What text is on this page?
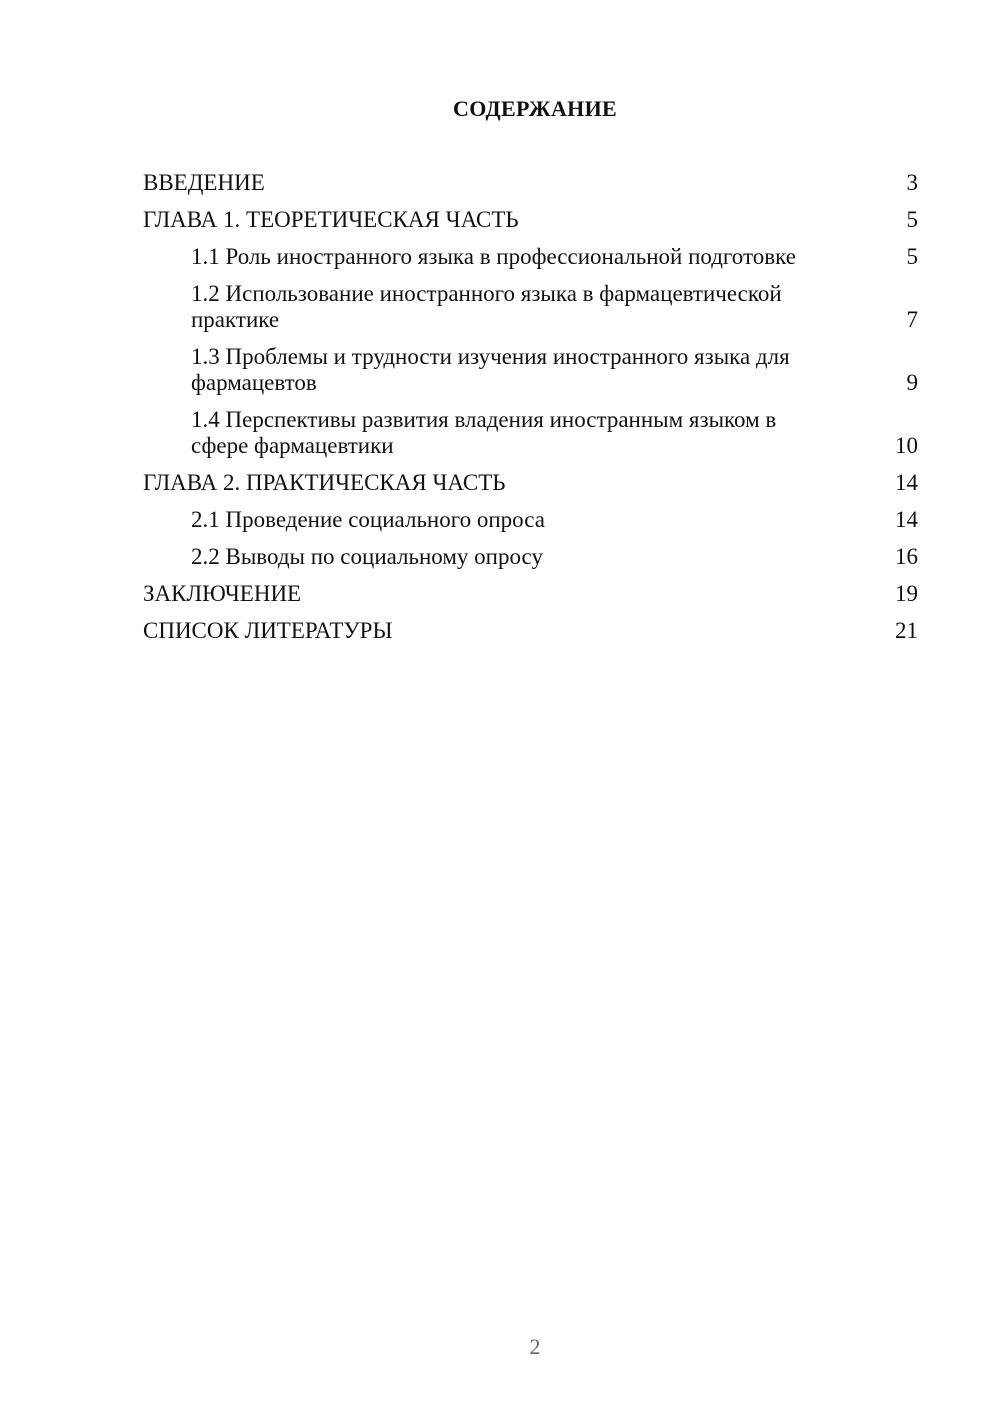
СОДЕРЖАНИЕ
ВВЕДЕНИЕ	3
ГЛАВА 1. ТЕОРЕТИЧЕСКАЯ ЧАСТЬ	5
1.1 Роль иностранного языка в профессиональной подготовке	5
1.2 Использование иностранного языка в фармацевтической практике	7
1.3 Проблемы и трудности изучения иностранного языка для фармацевтов	9
1.4 Перспективы развития владения иностранным языком в сфере фармацевтики	10
ГЛАВА 2. ПРАКТИЧЕСКАЯ ЧАСТЬ	14
2.1 Проведение социального опроса	14
2.2 Выводы по социальному опросу	16
ЗАКЛЮЧЕНИЕ	19
СПИСОК ЛИТЕРАТУРЫ	21
2
